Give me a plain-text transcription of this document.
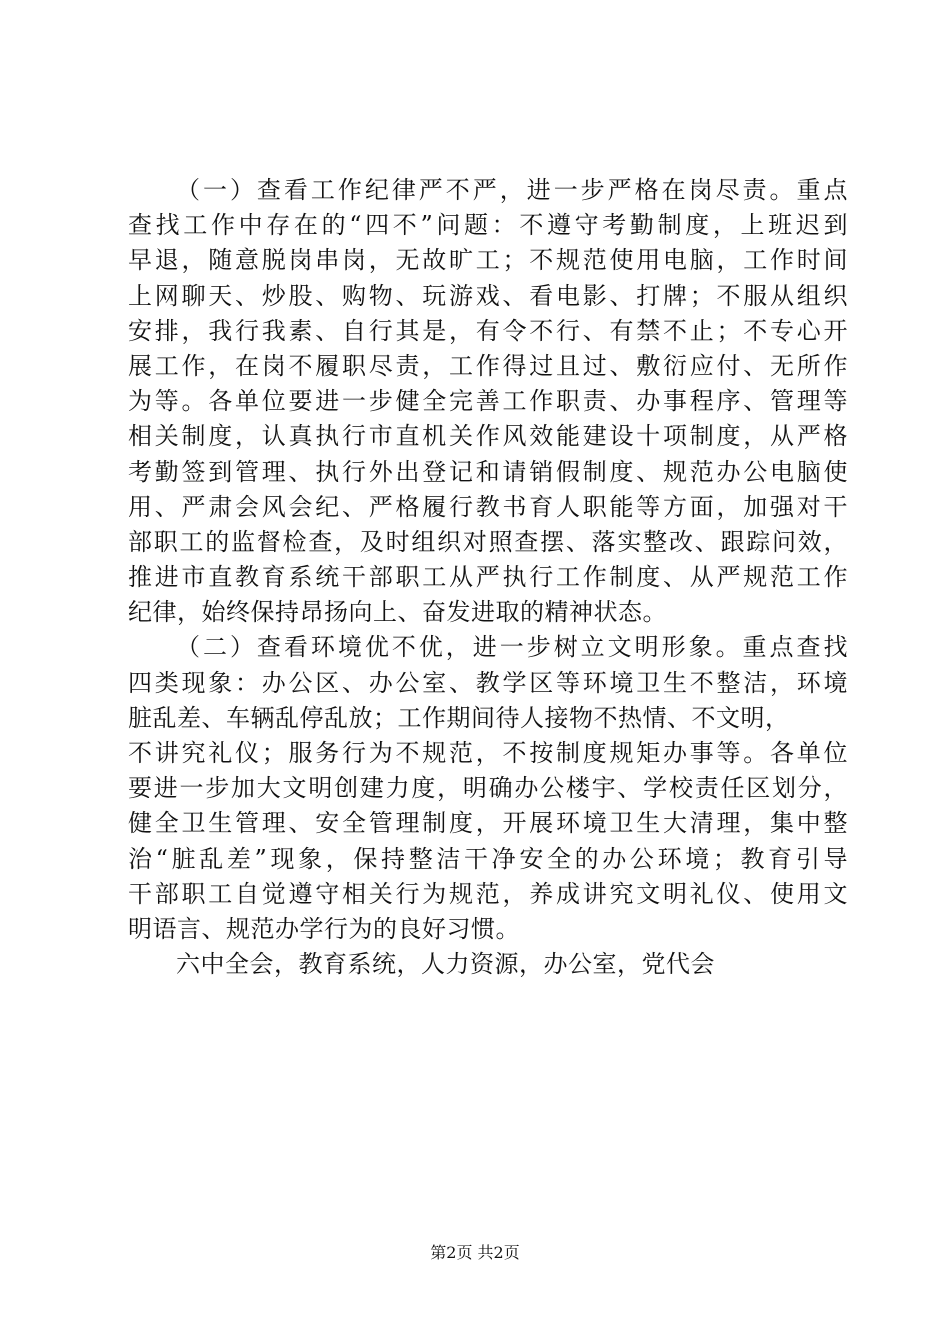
（一）查看工作纪律严不严，进一步严格在岗尽责。重点
查找工作中存在的“四不”问题：不遵守考勤制度，上班迟到
早退，随意脱岗串岗，无故旷工；不规范使用电脑，工作时间
上网聊天、炒股、购物、玩游戏、看电影、打牌；不服从组织
安排，我行我素、自行其是，有令不行、有禁不止；不专心开
展工作，在岗不履职尽责，工作得过且过、敷衍应付、无所作
为等。各单位要进一步健全完善工作职责、办事程序、管理等
相关制度，认真执行市直机关作风效能建设十项制度，从严格
考勤签到管理、执行外出登记和请销假制度、规范办公电脑使
用、严肃会风会纪、严格履行教书育人职能等方面，加强对干
部职工的监督检查，及时组织对照查摆、落实整改、跟踪问效，
推进市直教育系统干部职工从严执行工作制度、从严规范工作
纪律，始终保持昂扬向上、奋发进取的精神状态。
（二）查看环境优不优，进一步树立文明形象。重点查找
四类现象：办公区、办公室、教学区等环境卫生不整洁，环境
脏乱差、车辆乱停乱放；工作期间待人接物不热情、不文明，
不讲究礼仪；服务行为不规范，不按制度规矩办事等。各单位
要进一步加大文明创建力度，明确办公楼宇、学校责任区划分，
健全卫生管理、安全管理制度，开展环境卫生大清理，集中整
治“脏乱差”现象，保持整洁干净安全的办公环境；教育引导
干部职工自觉遵守相关行为规范，养成讲究文明礼仪、使用文
明语言、规范办学行为的良好习惯。
六中全会，教育系统，人力资源，办公室，党代会
第2页 共2页
